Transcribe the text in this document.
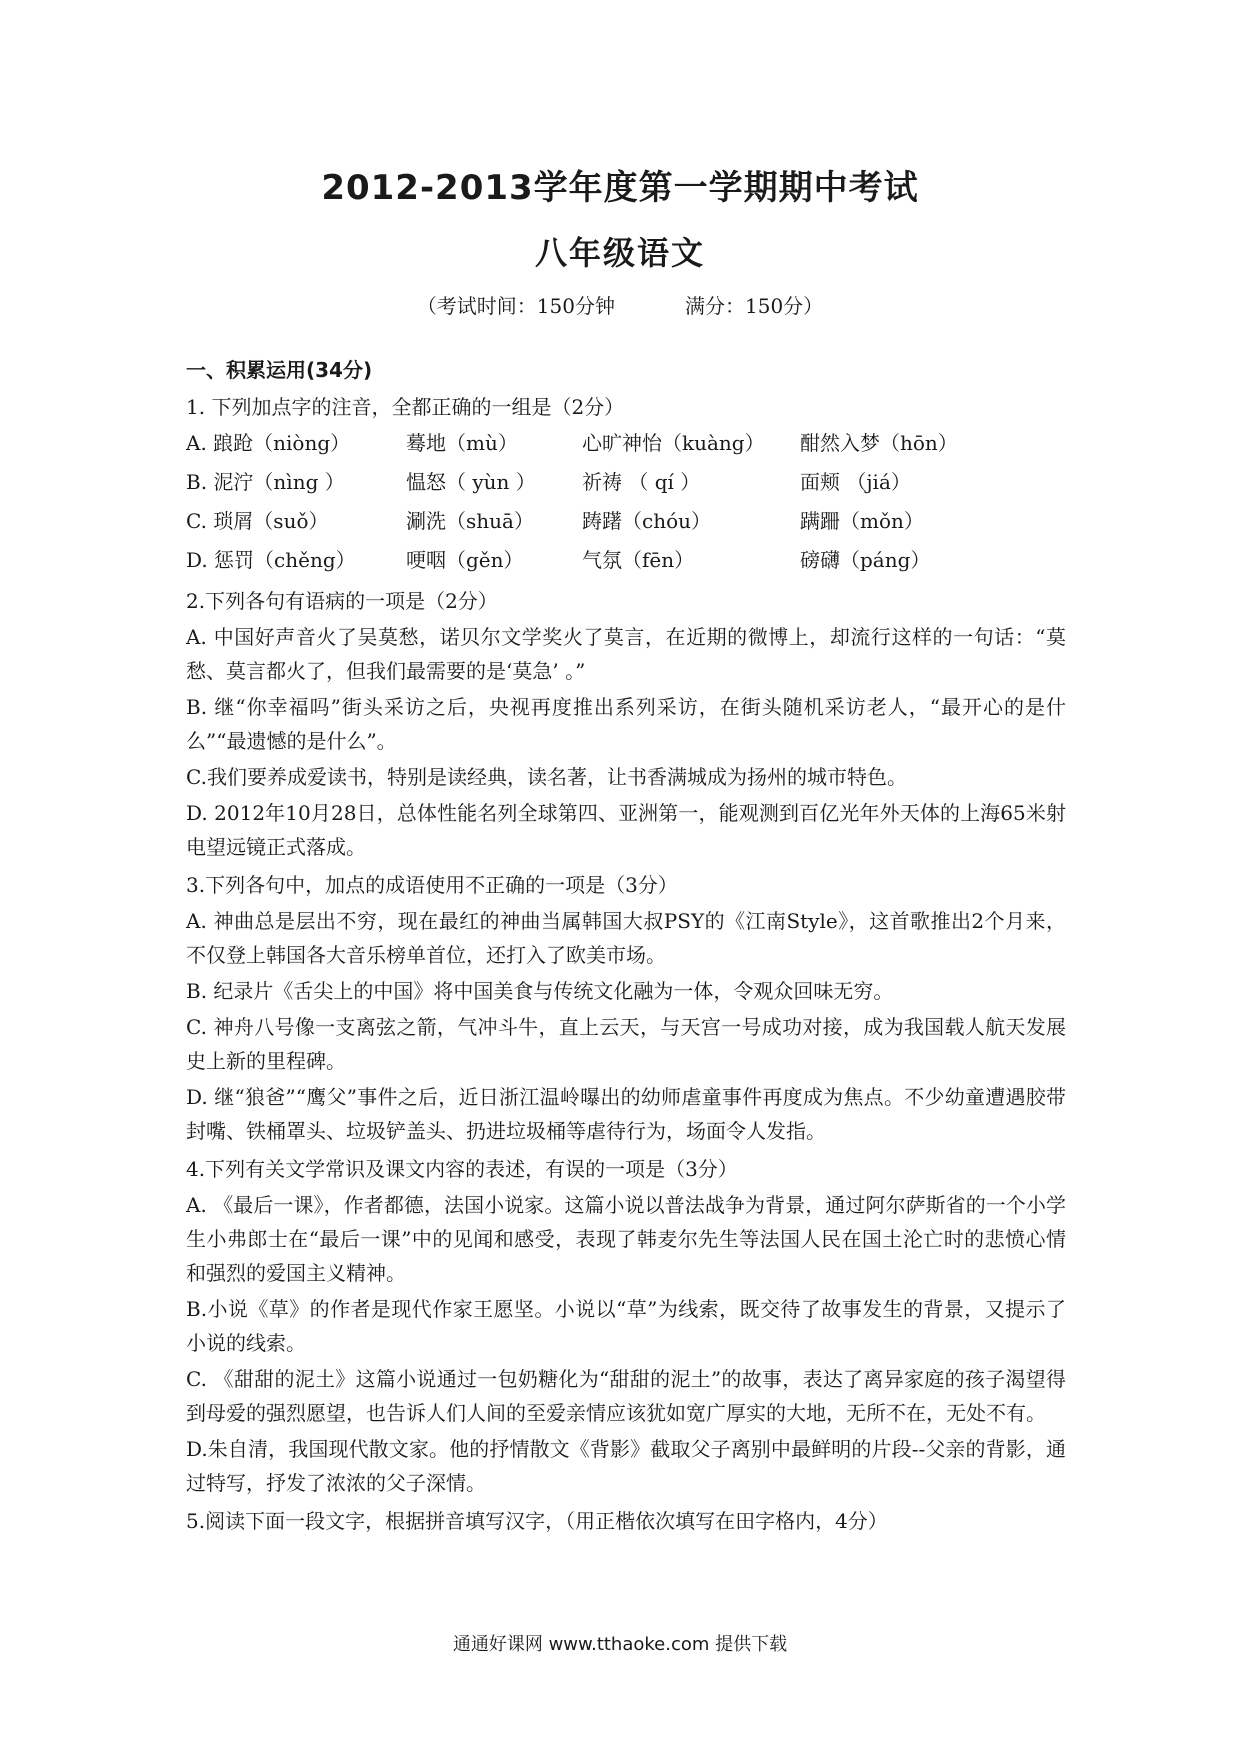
2012-2013学年度第一学期期中考试
八年级语文
（考试时间：150分钟	满分：150分）
一、积累运用(34分)
1. 下列加点字的注音，全都正确的一组是（2分）
A. 踉跄（niòng）	蓦地（mù）	心旷神怡（kuàng）	酣然入梦（hōn）
B. 泥泞（nìng ）	愠怒（ yùn ）	祈祷 （ qí ）	面颊 （jiá）
C. 琐屑（suǒ）	涮洗（shuā）	踌躇（chóu）	蹒跚（mǒn）
D. 惩罚（chěng）	哽咽（gěn）	气氛（fēn）	磅礴（páng）
2.下列各句有语病的一项是（2分）
A. 中国好声音火了吴莫愁，诺贝尔文学奖火了莫言，在近期的微博上，却流行这样的一句话：“莫愁、莫言都火了，但我们最需要的是‘莫急’ 。”
B. 继“你幸福吗”街头采访之后，央视再度推出系列采访，在街头随机采访老人，“最开心的是什么”“最遗憾的是什么”。
C.我们要养成爱读书，特别是读经典，读名著，让书香满城成为扬州的城市特色。
D. 2012年10月28日，总体性能名列全球第四、亚洲第一，能观测到百亿光年外天体的上海65米射电望远镜正式落成。
3.下列各句中，加点的成语使用不正确的一项是（3分）
A. 神曲总是层出不穷，现在最红的神曲当属韩国大叔PSY的《江南Style》，这首歌推出2个月来，不仅登上韩国各大音乐榜单首位，还打入了欧美市场。
B. 纪录片《舌尖上的中国》将中国美食与传统文化融为一体，令观众回味无穷。
C. 神舟八号像一支离弦之箭，气冲斗牛，直上云天，与天宫一号成功对接，成为我国载人航天发展史上新的里程碑。
D. 继“狼爸”“鹰父”事件之后，近日浙江温岭曝出的幼师虐童事件再度成为焦点。不少幼童遭遇胶带封嘴、铁桶罩头、垃圾铲盖头、扔进垃圾桶等虐待行为，场面令人发指。
4.下列有关文学常识及课文内容的表述，有误的一项是（3分）
A. 《最后一课》，作者都德，法国小说家。这篇小说以普法战争为背景，通过阿尔萨斯省的一个小学生小弗郎士在“最后一课”中的见闻和感受，表现了韩麦尔先生等法国人民在国土沦亡时的悲愤心情和强烈的爱国主义精神。
B.小说《草》的作者是现代作家王愿坚。小说以“草”为线索，既交待了故事发生的背景，又提示了小说的线索。
C. 《甜甜的泥土》这篇小说通过一包奶糖化为“甜甜的泥土”的故事，表达了离异家庭的孩子渴望得到母爱的强烈愿望，也告诉人们人间的至爱亲情应该犹如宽广厚实的大地，无所不在，无处不有。
D.朱自清，我国现代散文家。他的抒情散文《背影》截取父子离别中最鲜明的片段--父亲的背影，通过特写，抒发了浓浓的父子深情。
5.阅读下面一段文字，根据拼音填写汉字，（用正楷依次填写在田字格内，4分）
通通好课网 www.tthaoke.com 提供下载
